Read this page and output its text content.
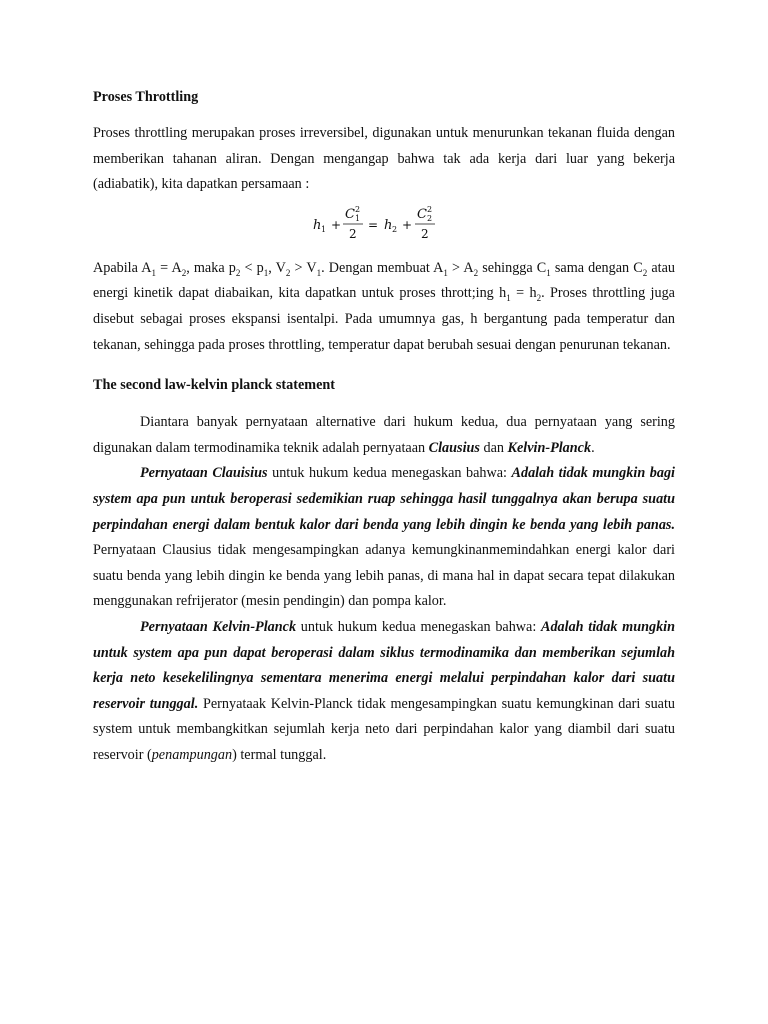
Proses Throttling

Proses throttling merupakan proses irreversibel, digunakan untuk menurunkan tekanan fluida dengan memberikan tahanan aliran. Dengan mengangap bahwa tak ada kerja dari luar yang bekerja (adiabatik), kita dapatkan persamaan :

h 1 +
C 2
1
2
= h 2 +
C 2
2
2

Apabila $A_1 = A_2$, maka $p_2 < p_1$, $V_2 > V_1$. Dengan membuat $A_1 > A_2$ sehingga $C_1$ sama dengan $C_2$ atau energi kinetik dapat diabaikan, kita dapatkan untuk proses thrott;ing $h_1 = h_2$. Proses throttling juga disebut sebagai proses ekspansi isentalpi. Pada umumnya gas, h bergantung pada temperatur dan tekanan, sehingga pada proses throttling, temperatur dapat berubah sesuai dengan penurunan tekanan.

The second law-kelvin planck statement

Diantara banyak pernyataan alternative dari hukum kedua, dua pernyataan yang sering digunakan dalam termodinamika teknik adalah pernyataan Clausius dan Kelvin-Planck.

Pernyataan Clauisius untuk hukum kedua menegaskan bahwa: Adalah tidak mungkin bagi system apa pun untuk beroperasi sedemikian ruap sehingga hasil tunggalnya akan berupa suatu perpindahan energi dalam bentuk kalor dari benda yang lebih dingin ke benda yang lebih panas. Pernyataan Clausius tidak mengesampingkan adanya kemungkinanmemindahkan energi kalor dari suatu benda yang lebih dingin ke benda yang lebih panas, di mana hal in dapat secara tepat dilakukan menggunakan refrijerator (mesin pendingin) dan pompa kalor.

Pernyataan Kelvin-Planck untuk hukum kedua menegaskan bahwa: Adalah tidak mungkin untuk system apa pun dapat beroperasi dalam siklus termodinamika dan memberikan sejumlah kerja neto kesekelilingnya sementara menerima energi melalui perpindahan kalor dari suatu reservoir tunggal. Pernyataak Kelvin-Planck tidak mengesampingkan suatu kemungkinan dari suatu system untuk membangkitkan sejumlah kerja neto dari perpindahan kalor yang diambil dari suatu reservoir (penampungan) termal tunggal.
